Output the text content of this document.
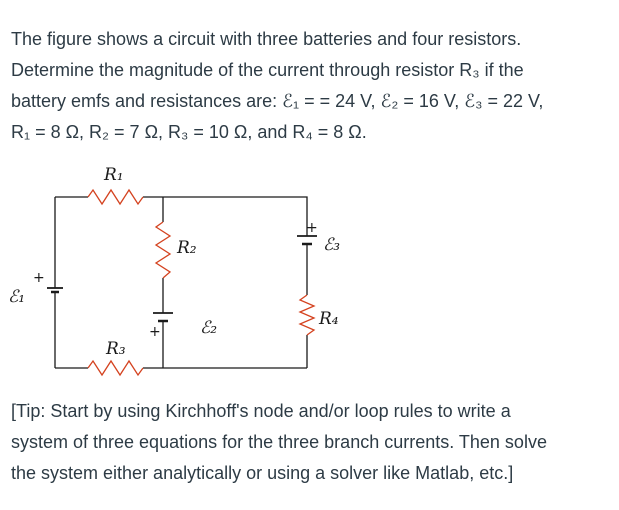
The figure shows a circuit with three batteries and four resistors.

Determine the magnitude of the current through resistor R₃ if the

battery emfs and resistances are: ℰ₁ = = 24 V, ℰ₂ = 16 V, ℰ₃ = 22 V,

R₁ = 8 Ω, R₂ = 7 Ω, R₃ = 10 Ω, and R₄ = 8 Ω.

R₁
R₂
R₃
R₄
ℰ₁
ℰ₂
ℰ₃
+
+
+

[Tip: Start by using Kirchhoff's node and/or loop rules to write a

system of three equations for the three branch currents. Then solve

the system either analytically or using a solver like Matlab, etc.]
